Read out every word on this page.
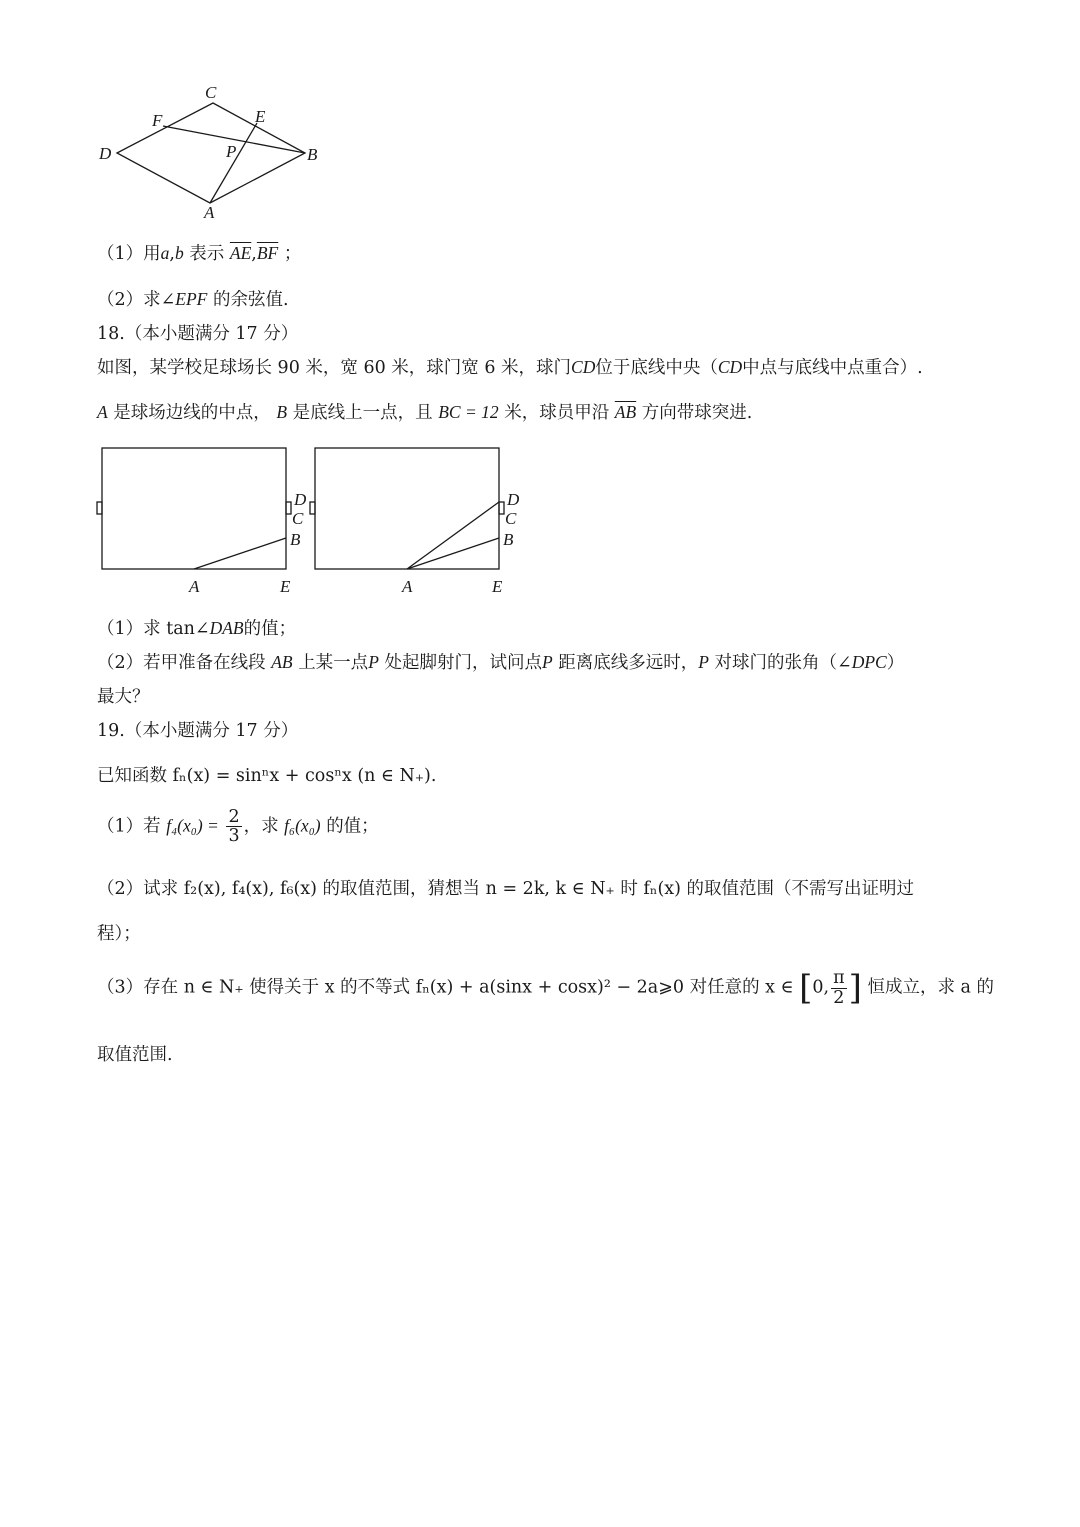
C
F	E
D	P	B
A
（1）用a,b 表示 $\overline{AE},\overline{BF}$ ；
（2）求∠EPF 的余弦值.
18.（本小题满分 17 分）
如图，某学校足球场长 90 米，宽 60 米，球门宽 6 米，球门CD位于底线中央（CD中点与底线中点重合）.
A 是球场边线的中点， B 是底线上一点，且 BC = 12 米，球员甲沿 $\overline{AB}$ 方向带球突进.
D
C
B
A	E
D
C
B
A	E
（1）求 tan∠DAB的值；
（2）若甲准备在线段 AB 上某一点P 处起脚射门，试问点P 距离底线多远时，P 对球门的张角（∠DPC）
最大？
19.（本小题满分 17 分）
已知函数 fₙ(x) = sinⁿx + cosⁿx (n ∈ N₊).
（1）若 $f_4(x_0) = \frac{2}{3}$ ，求 f₆(x₀) 的值；
（2）试求 f₂(x), f₄(x), f₆(x) 的取值范围，猜想当 n = 2k, k ∈ N₊ 时 fₙ(x) 的取值范围（不需写出证明过
程）；
（3）存在 n ∈ N₊ 使得关于 x 的不等式 fₙ(x) + a(sinx + cosx)² − 2a⩾0 对任意的 x ∈ [0, $\frac{\pi}{2}$ ] 恒成立，求 a 的
取值范围.
